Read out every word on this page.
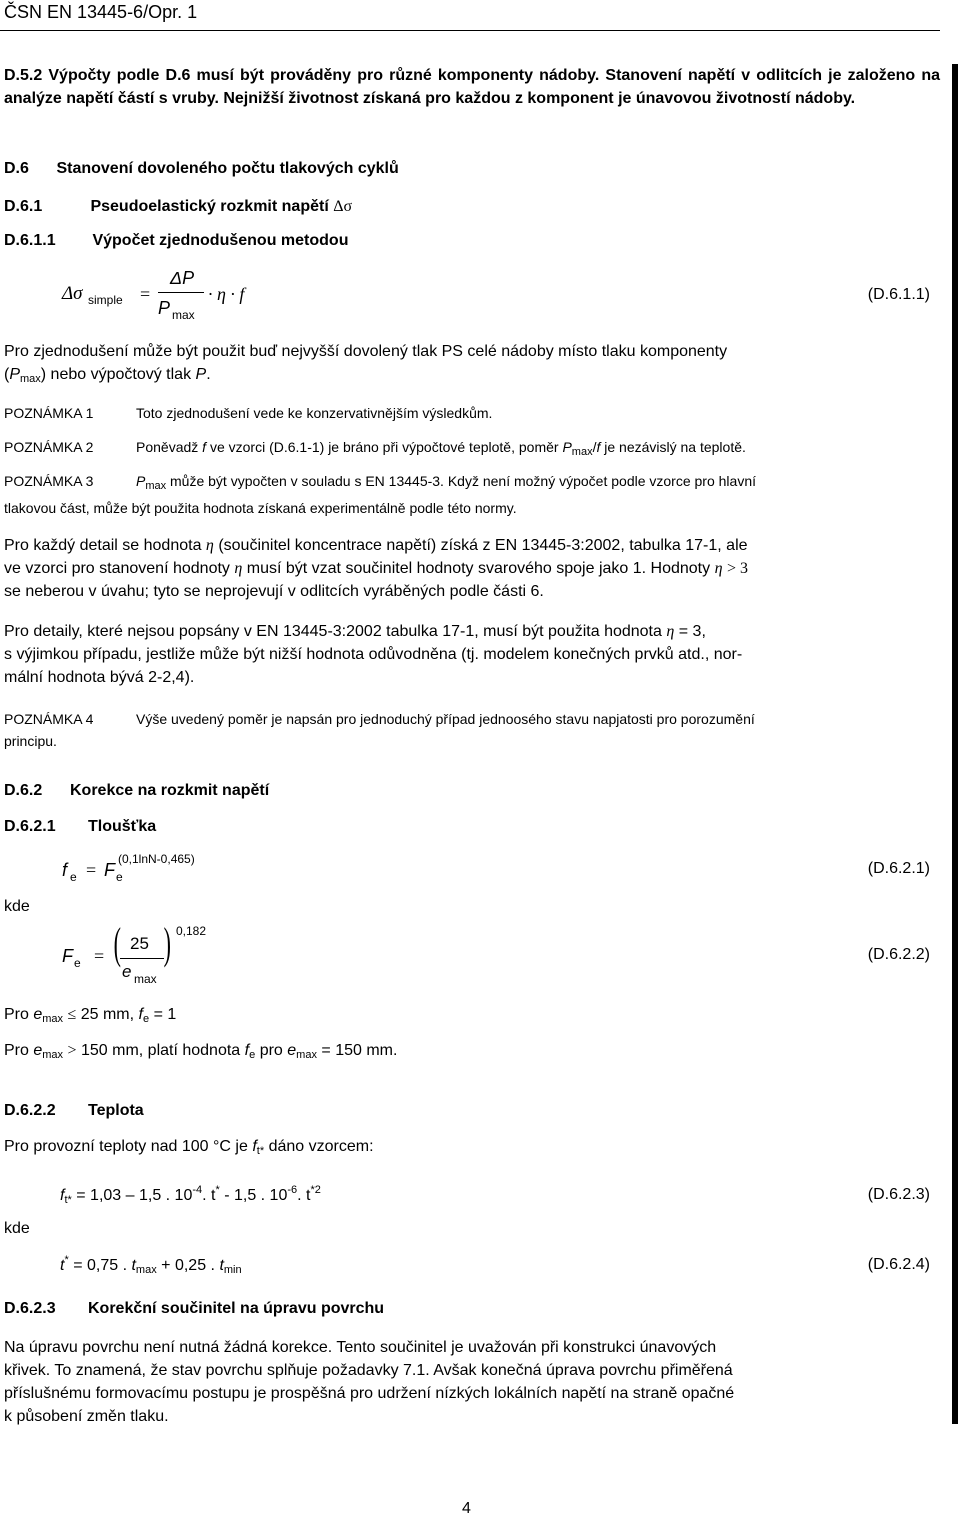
ČSN EN 13445-6/Opr. 1
D.5.2 Výpočty podle D.6 musí být prováděny pro různé komponenty nádoby. Stanovení napětí v odlitcích je založeno na analýze napětí částí s vruby. Nejnižší životnost získaná pro každou z komponent je únavovou životností nádoby.
D.6 Stanovení dovoleného počtu tlakových cyklů
D.6.1	Pseudoelastický rozkmit napětí Δσ
D.6.1.1 Výpočet zjednodušenou metodou
Δσ simple =
ΔP
P max
· η · f	(D.6.1.1)
Pro zjednodušení může být použit buď nejvyšší dovolený tlak PS celé nádoby místo tlaku komponenty
$(P_{max})$ nebo výpočtový tlak P.
POZNÁMKA 1	Toto zjednodušení vede ke konzervativnějším výsledkům.
POZNÁMKA 2	Poněvadž f ve vzorci (D.6.1-1) je bráno při výpočtové teplotě, poměr $P_{max}/f$ je nezávislý na teplotě.
POZNÁMKA 3	$P_{max}$ může být vypočten v souladu s EN 13445-3. Když není možný výpočet podle vzorce pro hlavní
tlakovou část, může být použita hodnota získaná experimentálně podle této normy.
Pro každý detail se hodnota η (součinitel koncentrace napětí) získá z EN 13445-3:2002, tabulka 17-1, ale
ve vzorci pro stanovení hodnoty η musí být vzat součinitel hodnoty svarového spoje jako 1. Hodnoty η > 3
se neberou v úvahu; tyto se neprojevují v odlitcích vyráběných podle části 6.
Pro detaily, které nejsou popsány v EN 13445-3:2002 tabulka 17-1, musí být použita hodnota η = 3,
s výjimkou případu, jestliže může být nižší hodnota odůvodněna (tj. modelem konečných prvků atd., nor-
mální hodnota bývá 2-2,4).
POZNÁMKA 4	Výše uvedený poměr je napsán pro jednoduchý případ jednoosého stavu napjatosti pro porozumění
principu.
D.6.2 Korekce na rozkmit napětí
D.6.2.1 Tloušťka
f e = F e
(0,1lnN-0,465)
(D.6.2.1)
kde
F e = ( 25
e max
) 0,182
(D.6.2.2)
Pro $e_{max} \le 25$ mm, $f_e = 1$
Pro $e_{max} > 150$ mm, platí hodnota $f_e$ pro $e_{max} = 150$ mm.
D.6.2.2 Teplota
Pro provozní teploty nad 100 °C je $f_{t*}$ dáno vzorcem:
$f_{t*} = 1,03 - 1,5$ . $10^{-4}$. t* - 1,5 . $10^{-6}$. $t^{*2}$	(D.6.2.3)
kde
t* = 0,75 . $t_{max} + 0,25$ . $t_{min}$	(D.6.2.4)
D.6.2.3 Korekční součinitel na úpravu povrchu
Na úpravu povrchu není nutná žádná korekce. Tento součinitel je uvažován při konstrukci únavových
křivek. To znamená, že stav povrchu splňuje požadavky 7.1. Avšak konečná úprava povrchu přiměřená
příslušnému formovacímu postupu je prospěšná pro udržení nízkých lokálních napětí na straně opačné
k působení změn tlaku.
4
